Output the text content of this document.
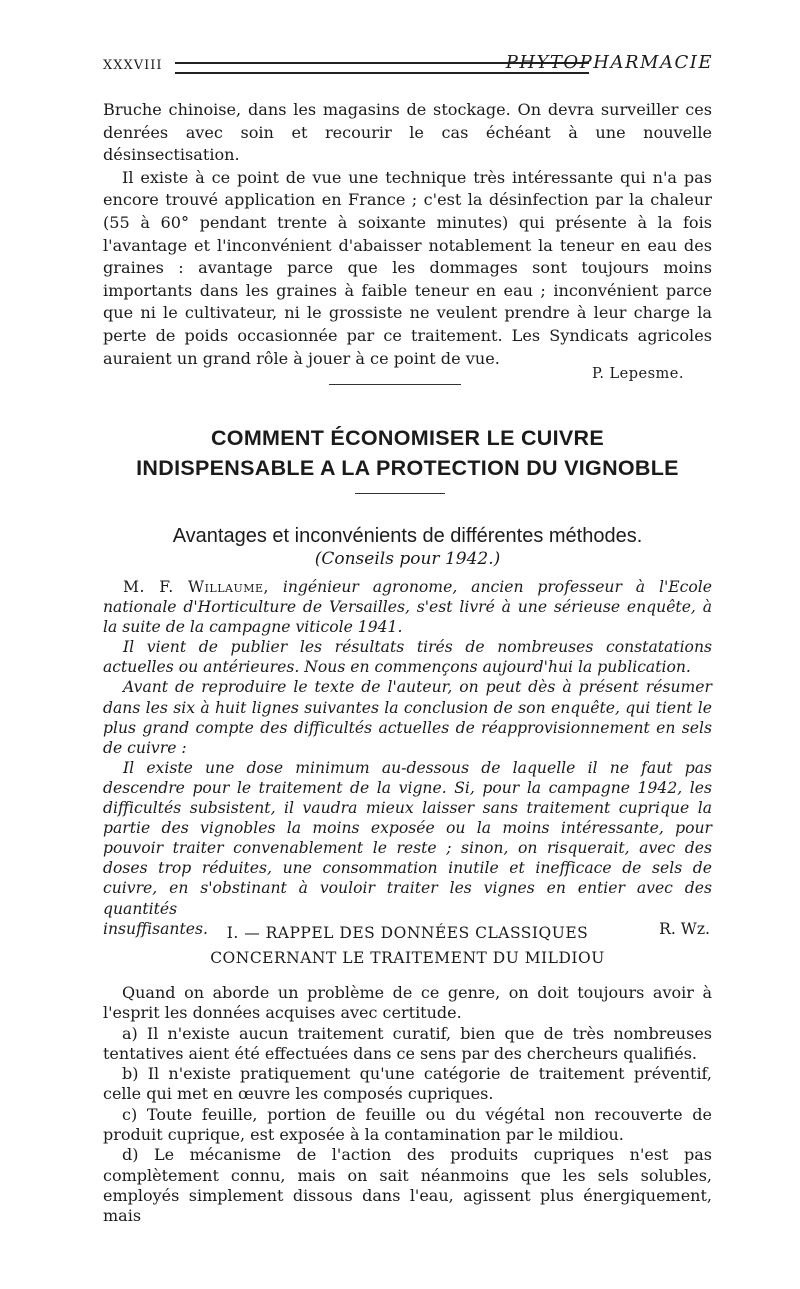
XXXVIII	PHYTOPHARMACIE

Bruche chinoise, dans les magasins de stockage. On devra surveiller ces denrées avec soin et recourir le cas échéant à une nouvelle désinsectisation.

Il existe à ce point de vue une technique très intéressante qui n'a pas encore trouvé application en France ; c'est la désinfection par la chaleur (55 à 60° pendant trente à soixante minutes) qui présente à la fois l'avantage et l'inconvénient d'abaisser notablement la teneur en eau des graines : avantage parce que les dommages sont toujours moins importants dans les graines à faible teneur en eau ; inconvénient parce que ni le cultivateur, ni le grossiste ne veulent prendre à leur charge la perte de poids occasionnée par ce traitement. Les Syndicats agricoles auraient un grand rôle à jouer à ce point de vue.

P. Lepesme.
COMMENT ÉCONOMISER LE CUIVRE
INDISPENSABLE A LA PROTECTION DU VIGNOBLE
Avantages et inconvénients de différentes méthodes.
(Conseils pour 1942.)

M. F. Willaume, ingénieur agronome, ancien professeur à l'Ecole nationale d'Horticulture de Versailles, s'est livré à une sérieuse enquête, à la suite de la campagne viticole 1941.

Il vient de publier les résultats tirés de nombreuses constatations actuelles ou antérieures. Nous en commençons aujourd'hui la publication.

Avant de reproduire le texte de l'auteur, on peut dès à présent résumer dans les six à huit lignes suivantes la conclusion de son enquête, qui tient le plus grand compte des difficultés actuelles de réapprovisionnement en sels de cuivre :

Il existe une dose minimum au-dessous de laquelle il ne faut pas descendre pour le traitement de la vigne. Si, pour la campagne 1942, les difficultés subsistent, il vaudra mieux laisser sans traitement cuprique la partie des vignobles la moins exposée ou la moins intéressante, pour pouvoir traiter convenablement le reste ; sinon, on risquerait, avec des doses trop réduites, une consommation inutile et inefficace de sels de cuivre, en s'obstinant à vouloir traiter les vignes en entier avec des quantités

insuffisantes.	R. Wz.

I. — RAPPEL DES DONNÉES CLASSIQUES
CONCERNANT LE TRAITEMENT DU MILDIOU

Quand on aborde un problème de ce genre, on doit toujours avoir à l'esprit les données acquises avec certitude.

a) Il n'existe aucun traitement curatif, bien que de très nombreuses tentatives aient été effectuées dans ce sens par des chercheurs qualifiés.

b) Il n'existe pratiquement qu'une catégorie de traitement préventif, celle qui met en œuvre les composés cupriques.

c) Toute feuille, portion de feuille ou du végétal non recouverte de produit cuprique, est exposée à la contamination par le mildiou.

d) Le mécanisme de l'action des produits cupriques n'est pas complètement connu, mais on sait néanmoins que les sels solubles, employés simplement dissous dans l'eau, agissent plus énergiquement, mais
